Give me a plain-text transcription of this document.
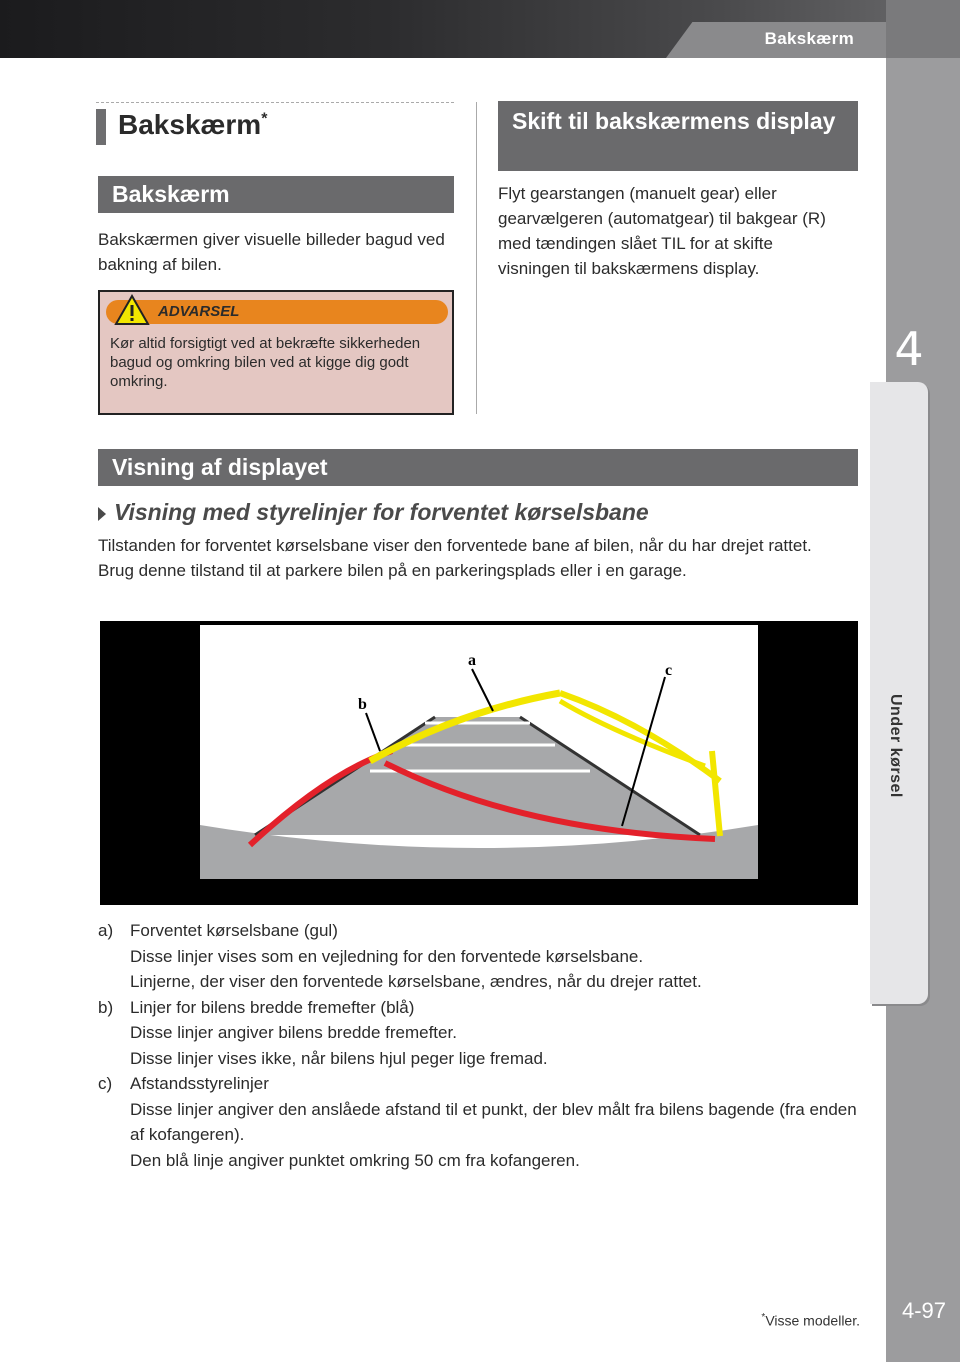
Bakskærm
4
Under kørsel
4-97
*Visse modeller.
Bakskærm*
Bakskærm
Bakskærmen giver visuelle billeder bagud ved bakning af bilen.
ADVARSEL
Kør altid forsigtigt ved at bekræfte sikkerheden bagud og omkring bilen ved at kigge dig godt omkring.
Skift til bakskærmens display
Flyt gearstangen (manuelt gear) eller gearvælgeren (automatgear) til bakgear (R) med tændingen slået TIL for at skifte visningen til bakskærmens display.
Visning af displayet
Visning med styrelinjer for forventet kørselsbane
Tilstanden for forventet kørselsbane viser den forventede bane af bilen, når du har drejet rattet.
Brug denne tilstand til at parkere bilen på en parkeringsplads eller i en garage.
a
b
c
a) Forventet kørselsbane (gul)
Disse linjer vises som en vejledning for den forventede kørselsbane.
Linjerne, der viser den forventede kørselsbane, ændres, når du drejer rattet.
b) Linjer for bilens bredde fremefter (blå)
Disse linjer angiver bilens bredde fremefter.
Disse linjer vises ikke, når bilens hjul peger lige fremad.
c) Afstandsstyrelinjer
Disse linjer angiver den anslåede afstand til et punkt, der blev målt fra bilens bagende (fra enden af kofangeren).
Den blå linje angiver punktet omkring 50 cm fra kofangeren.
